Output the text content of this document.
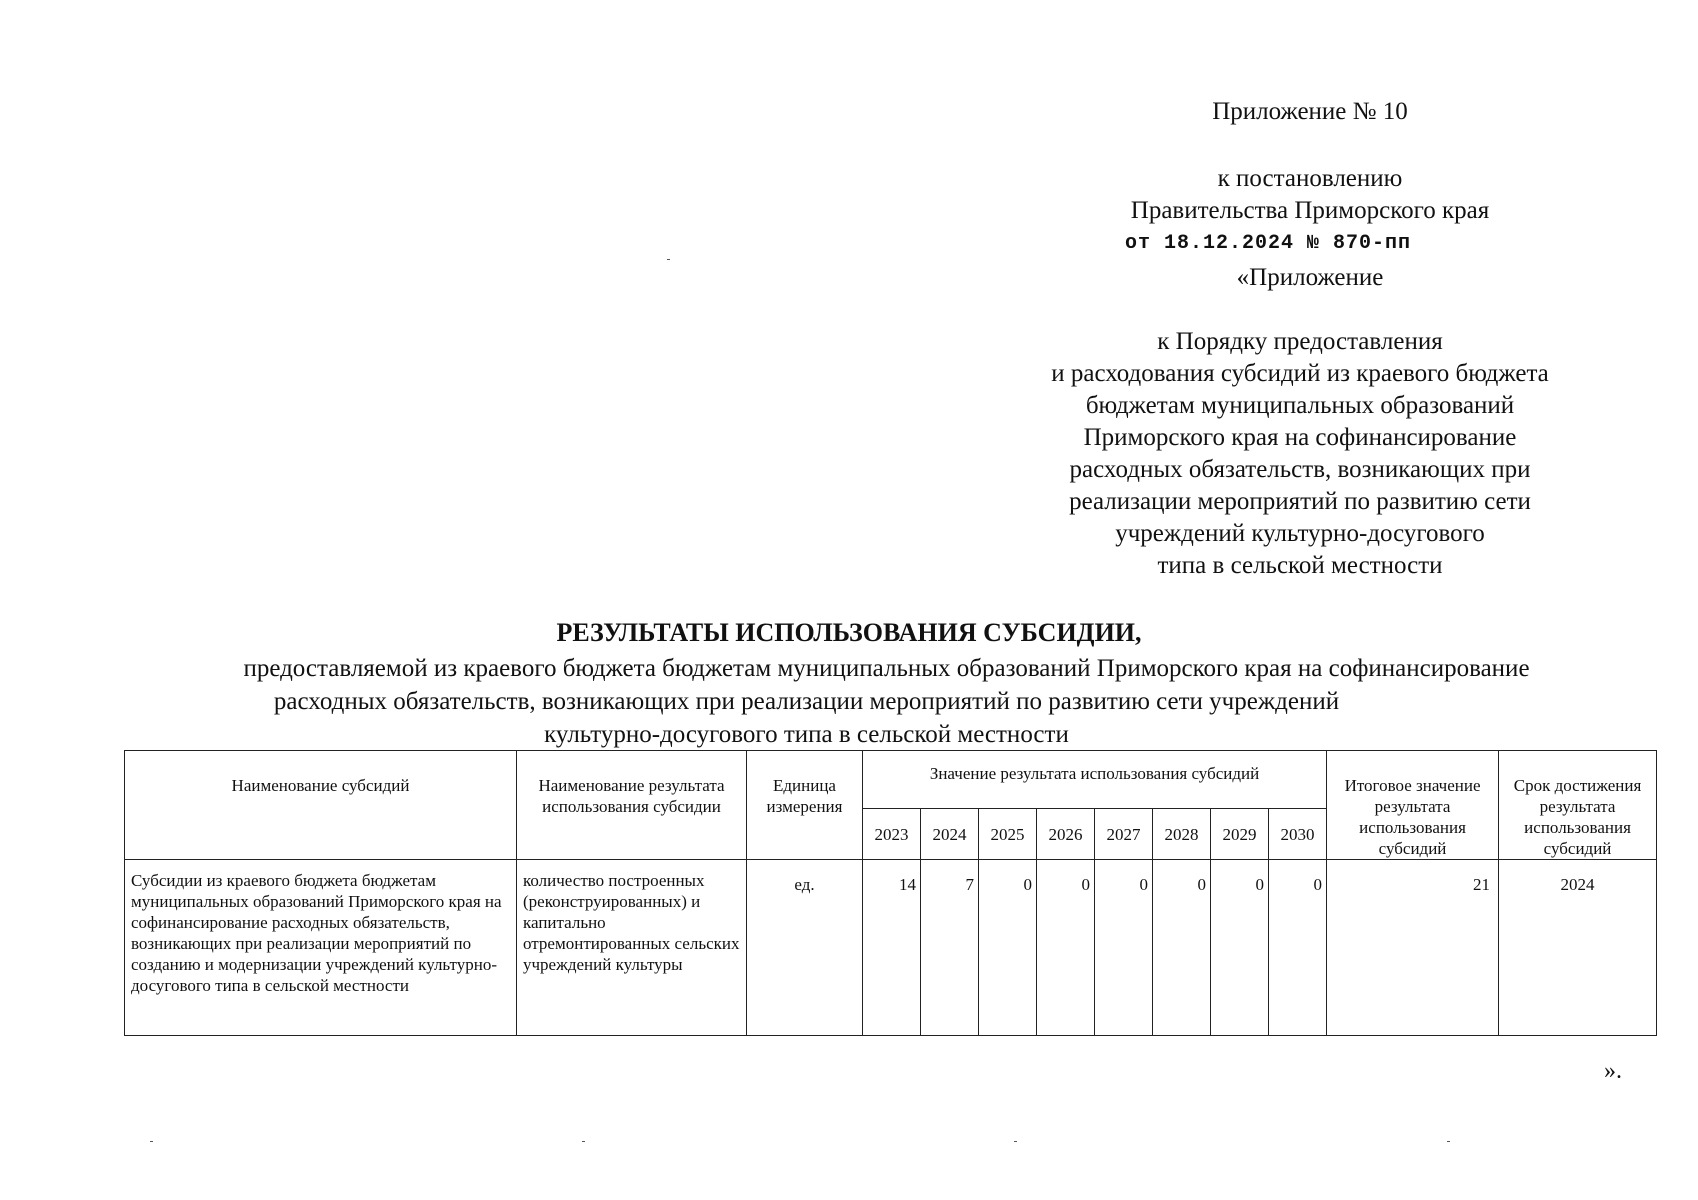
Приложение № 10
к постановлению
Правительства Приморского края
от 18.12.2024 № 870-пп
«Приложение
к Порядку предоставления
и расходования субсидий из краевого бюджета
бюджетам муниципальных образований
Приморского края на софинансирование
расходных обязательств, возникающих при
реализации мероприятий по развитию сети
учреждений культурно-досугового
типа в сельской местности
РЕЗУЛЬТАТЫ ИСПОЛЬЗОВАНИЯ СУБСИДИИ,
предоставляемой из краевого бюджета бюджетам муниципальных образований Приморского края на софинансирование
расходных обязательств, возникающих при реализации мероприятий по развитию сети учреждений
культурно-досугового типа в сельской местности
Наименование субсидий	Наименование результата использования субсидии	Единица измерения	Значение результата использования субсидий								Итоговое значение результата использования субсидий	Срок достижения результата использования субсидий
			2023	2024	2025	2026	2027	2028	2029	2030		
Субсидии из краевого бюджета бюджетам муниципальных образований Приморского края на софинансирование расходных обязательств, возникающих при реализации мероприятий по созданию и модернизации учреждений культурно-досугового типа в сельской местности	количество построенных (реконструированных) и капитально отремонтированных сельских учреждений культуры	ед.	14	7	0	0	0	0	0	0	21	2024
».
